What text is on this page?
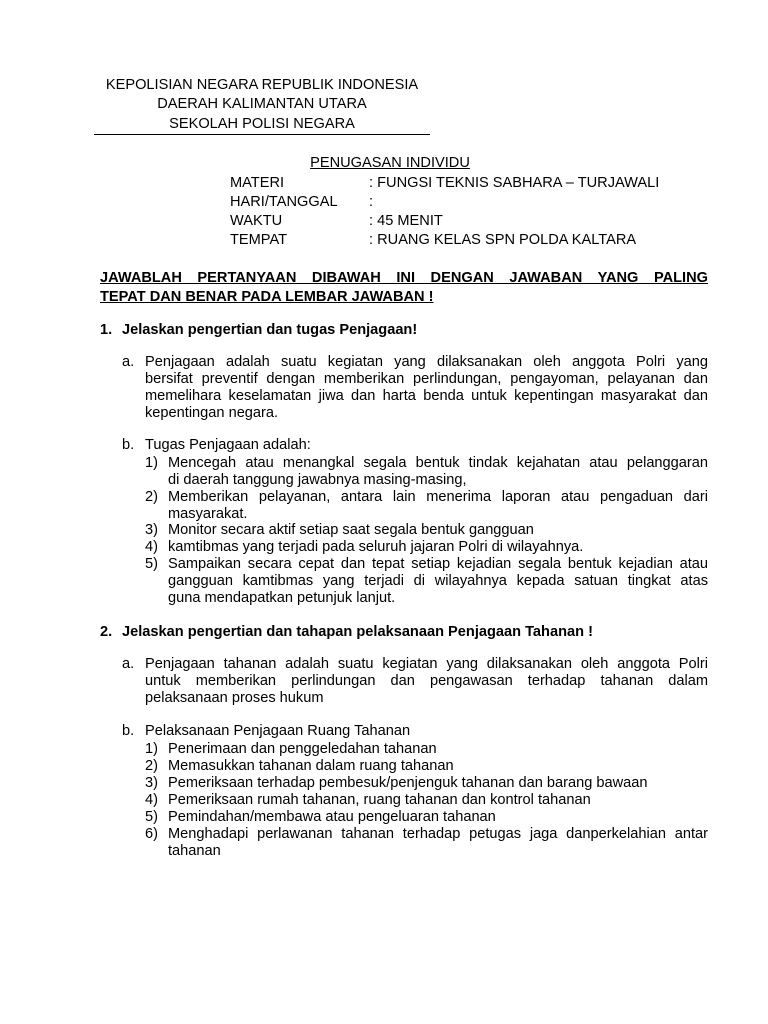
KEPOLISIAN NEGARA REPUBLIK INDONESIA
DAERAH KALIMANTAN UTARA
SEKOLAH POLISI NEGARA
PENUGASAN INDIVIDU
MATERI	: FUNGSI TEKNIS SABHARA – TURJAWALI
HARI/TANGGAL :
WAKTU	: 45 MENIT
TEMPAT	: RUANG KELAS SPN POLDA KALTARA
JAWABLAH PERTANYAAN DIBAWAH INI DENGAN JAWABAN YANG PALING
TEPAT DAN BENAR PADA LEMBAR JAWABAN !
1. Jelaskan pengertian dan tugas Penjagaan!
a. Penjagaan adalah suatu kegiatan yang dilaksanakan oleh anggota Polri yang
bersifat preventif dengan memberikan perlindungan, pengayoman, pelayanan dan
memelihara keselamatan jiwa dan harta benda untuk kepentingan masyarakat dan
kepentingan negara.
b. Tugas Penjagaan adalah:
1) Mencegah atau menangkal segala bentuk tindak kejahatan atau pelanggaran
di daerah tanggung jawabnya masing-masing,
2) Memberikan pelayanan, antara lain menerima laporan atau pengaduan dari
masyarakat.
3) Monitor secara aktif setiap saat segala bentuk gangguan
4) kamtibmas yang terjadi pada seluruh jajaran Polri di wilayahnya.
5) Sampaikan secara cepat dan tepat setiap kejadian segala bentuk kejadian atau
gangguan kamtibmas yang terjadi di wilayahnya kepada satuan tingkat atas
guna mendapatkan petunjuk lanjut.
2. Jelaskan pengertian dan tahapan pelaksanaan Penjagaan Tahanan !
a. Penjagaan tahanan adalah suatu kegiatan yang dilaksanakan oleh anggota Polri
untuk memberikan perlindungan dan pengawasan terhadap tahanan dalam
pelaksanaan proses hukum
b. Pelaksanaan Penjagaan Ruang Tahanan
1) Penerimaan dan penggeledahan tahanan
2) Memasukkan tahanan dalam ruang tahanan
3) Pemeriksaan terhadap pembesuk/penjenguk tahanan dan barang bawaan
4) Pemeriksaan rumah tahanan, ruang tahanan dan kontrol tahanan
5) Pemindahan/membawa atau pengeluaran tahanan
6) Menghadapi perlawanan tahanan terhadap petugas jaga danperkelahian antar
tahanan
